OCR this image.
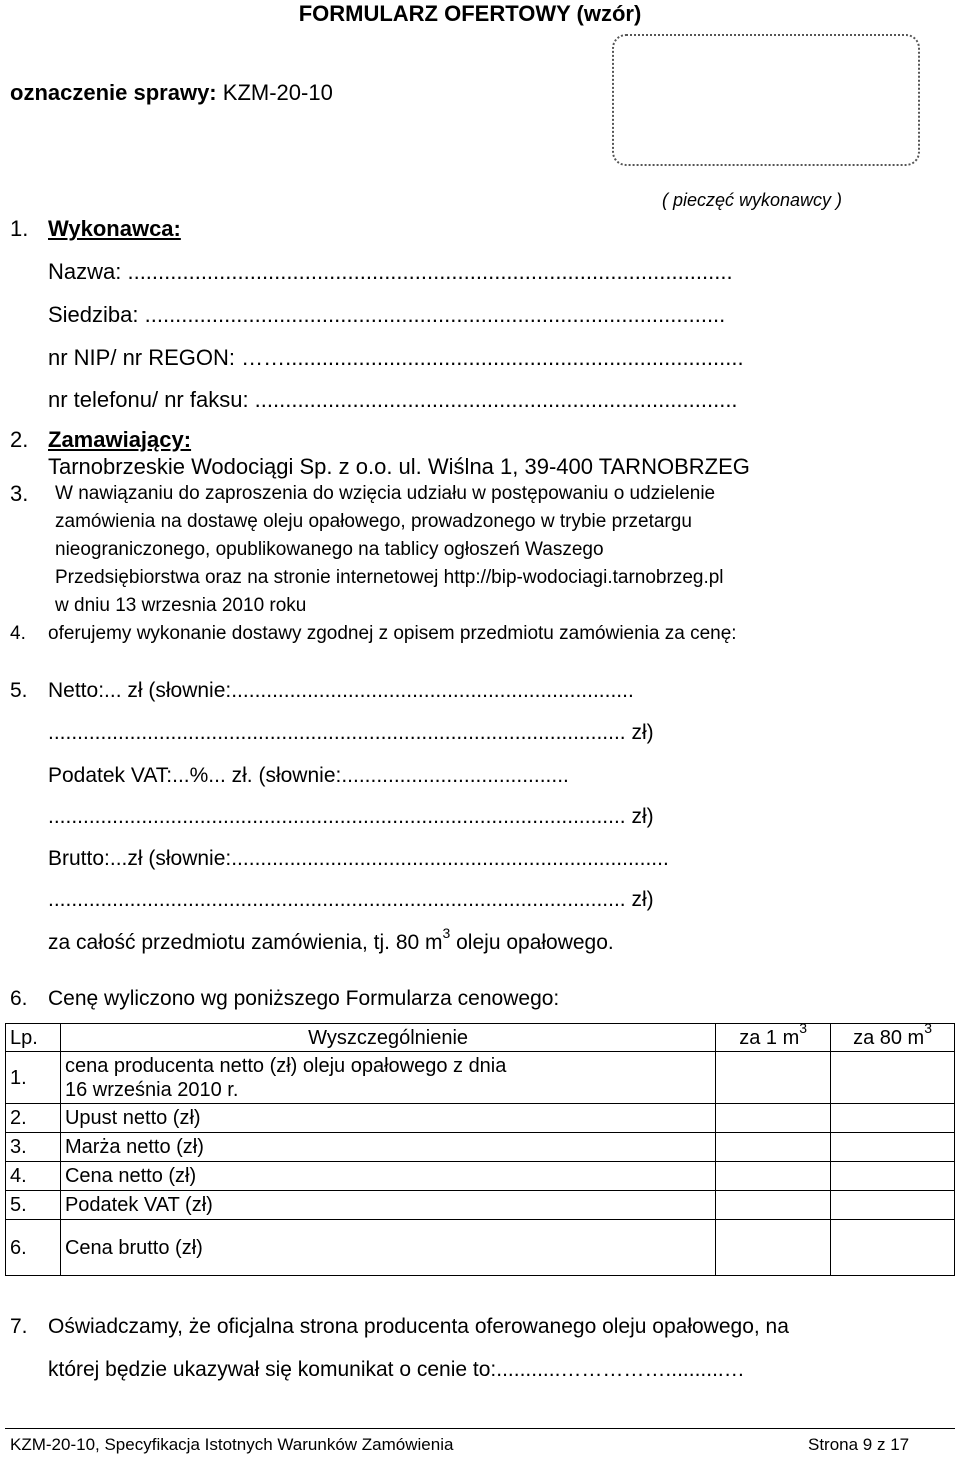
FORMULARZ OFERTOWY (wzór)
oznaczenie sprawy: KZM-20-10
( pieczęć wykonawcy )
1. Wykonawca:
Nazwa: ...................................................................................................
Siedziba: ...............................................................................................
nr NIP/ nr REGON: ……...........................................................................
nr telefonu/ nr faksu: ...............................................................................
2. Zamawiający:
Tarnobrzeskie Wodociągi Sp. z o.o. ul. Wiślna 1, 39-400 TARNOBRZEG
3. W nawiązaniu do zaproszenia do wzięcia udziału w postępowaniu o udzielenie
zamówienia na dostawę oleju opałowego, prowadzonego w trybie przetargu
nieograniczonego, opublikowanego na tablicy ogłoszeń Waszego
Przedsiębiorstwa oraz na stronie internetowej http://bip-wodociagi.tarnobrzeg.pl
w dniu 13 wrzesnia 2010 roku
4. oferujemy wykonanie dostawy zgodnej z opisem przedmiotu zamówienia za cenę:
5. Netto:... zł (słownie:.....................................................................
................................................................................................... zł)
Podatek VAT:...%... zł. (słownie:.......................................
................................................................................................... zł)
Brutto:...zł (słownie:...........................................................................
................................................................................................... zł)
za całość przedmiotu zamówienia, tj. 80 $m^3$ oleju opałowego.
6. Cenę wyliczono wg poniższego Formularza cenowego:
Lp.	Wyszczególnienie	za 1 $m^3$	za 80 $m^3$
1.	cena producenta netto (zł) oleju opałowego z dnia
16 września 2010 r.		

2.	Upust netto (zł)		
3.	Marża netto (zł)		
4.	Cena netto (zł)		
5.	Podatek VAT (zł)		
6.	Cena brutto (zł)		
7. Oświadczamy, że oficjalna strona producenta oferowanego oleju opałowego, na
której będzie ukazywał się komunikat o cenie to:...........……………..........…
KZM-20-10, Specyfikacja Istotnych Warunków Zamówienia	Strona 9 z 17
